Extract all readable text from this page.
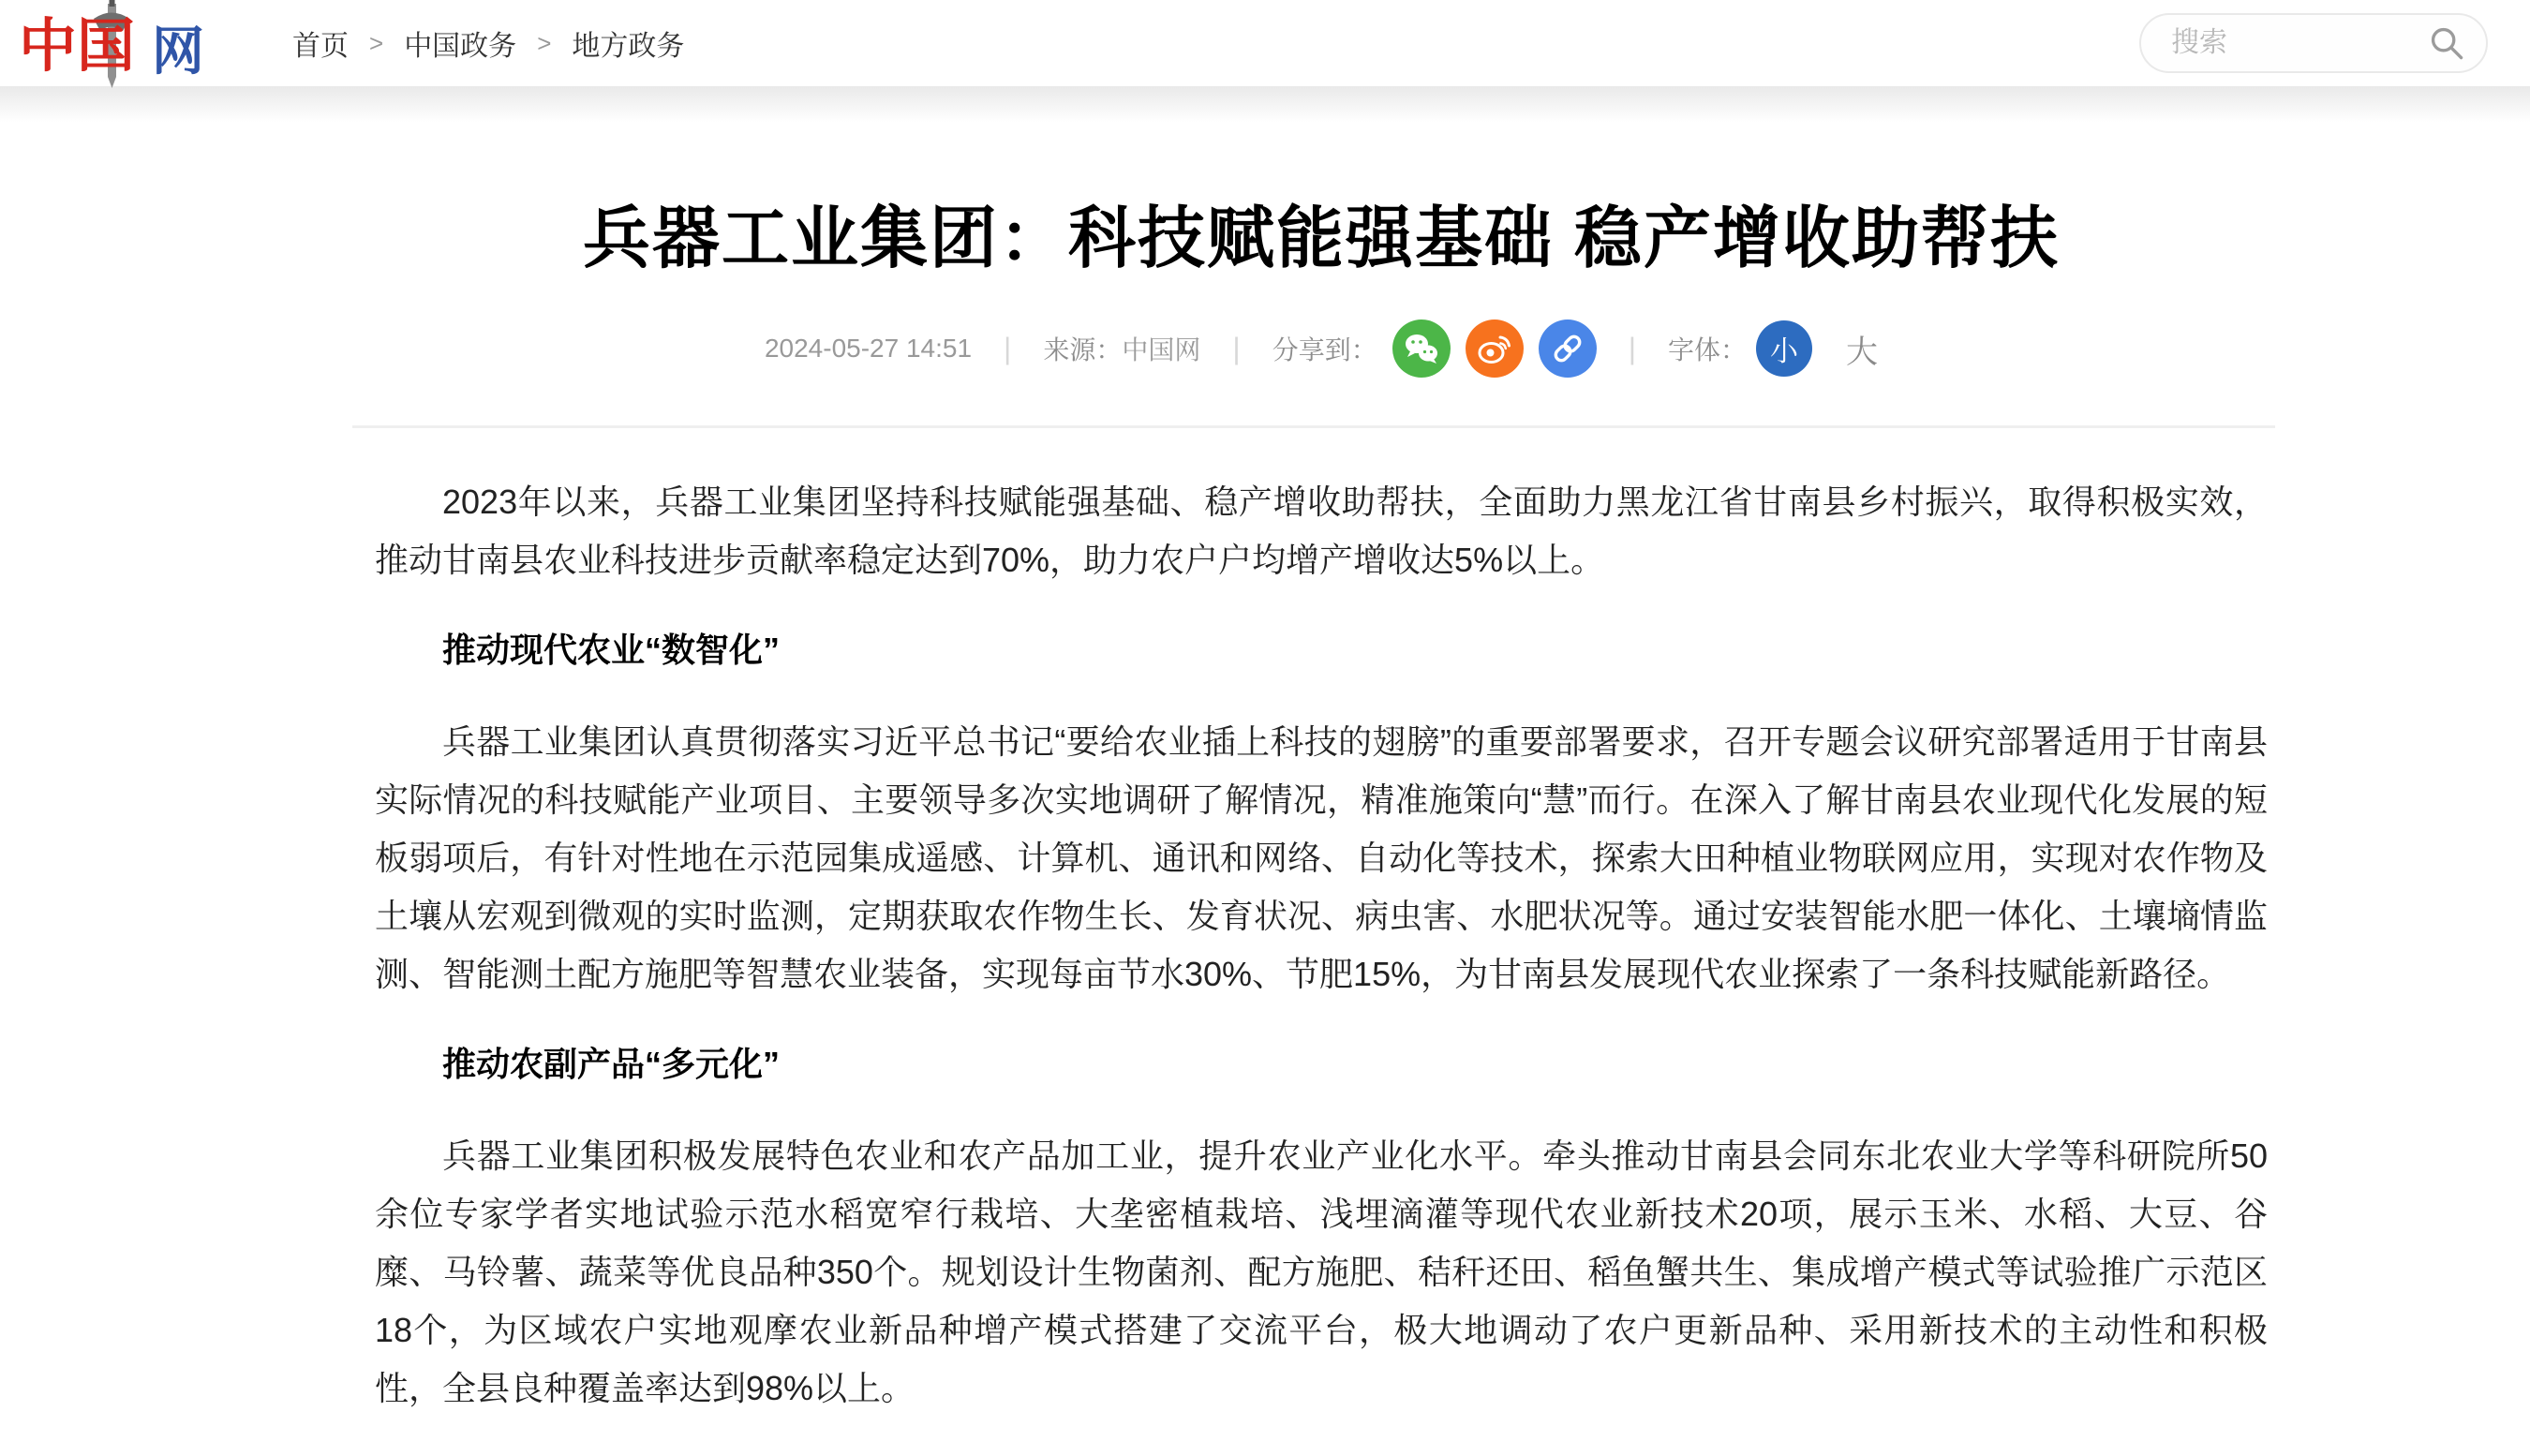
中国 网	首页 > 中国政务 > 地方政务
搜索
兵器工业集团：科技赋能强基础 稳产增收助帮扶
2024-05-27 14:51	|	来源：中国网	|	分享到：	|	字体： 小	大

2023年以来，兵器工业集团坚持科技赋能强基础、稳产增收助帮扶，全面助力黑龙江省甘南县乡村振兴，取得积极实效，推动甘南县农业科技进步贡献率稳定达到70%，助力农户户均增产增收达5%以上。

推动现代农业“数智化”

兵器工业集团认真贯彻落实习近平总书记“要给农业插上科技的翅膀”的重要部署要求，召开专题会议研究部署适用于甘南县实际情况的科技赋能产业项目、主要领导多次实地调研了解情况，精准施策向“慧”而行。在深入了解甘南县农业现代化发展的短板弱项后，有针对性地在示范园集成遥感、计算机、通讯和网络、自动化等技术，探索大田种植业物联网应用，实现对农作物及土壤从宏观到微观的实时监测，定期获取农作物生长、发育状况、病虫害、水肥状况等。通过安装智能水肥一体化、土壤墒情监测、智能测土配方施肥等智慧农业装备，实现每亩节水30%、节肥15%，为甘南县发展现代农业探索了一条科技赋能新路径。

推动农副产品“多元化”

兵器工业集团积极发展特色农业和农产品加工业，提升农业产业化水平。牵头推动甘南县会同东北农业大学等科研院所50余位专家学者实地试验示范水稻宽窄行栽培、大垄密植栽培、浅埋滴灌等现代农业新技术20项，展示玉米、水稻、大豆、谷糜、马铃薯、蔬菜等优良品种350个。规划设计生物菌剂、配方施肥、秸秆还田、稻鱼蟹共生、集成增产模式等试验推广示范区18个，为区域农户实地观摩农业新品种增产模式搭建了交流平台，极大地调动了农户更新品种、采用新技术的主动性和积极性，全县良种覆盖率达到98%以上。
